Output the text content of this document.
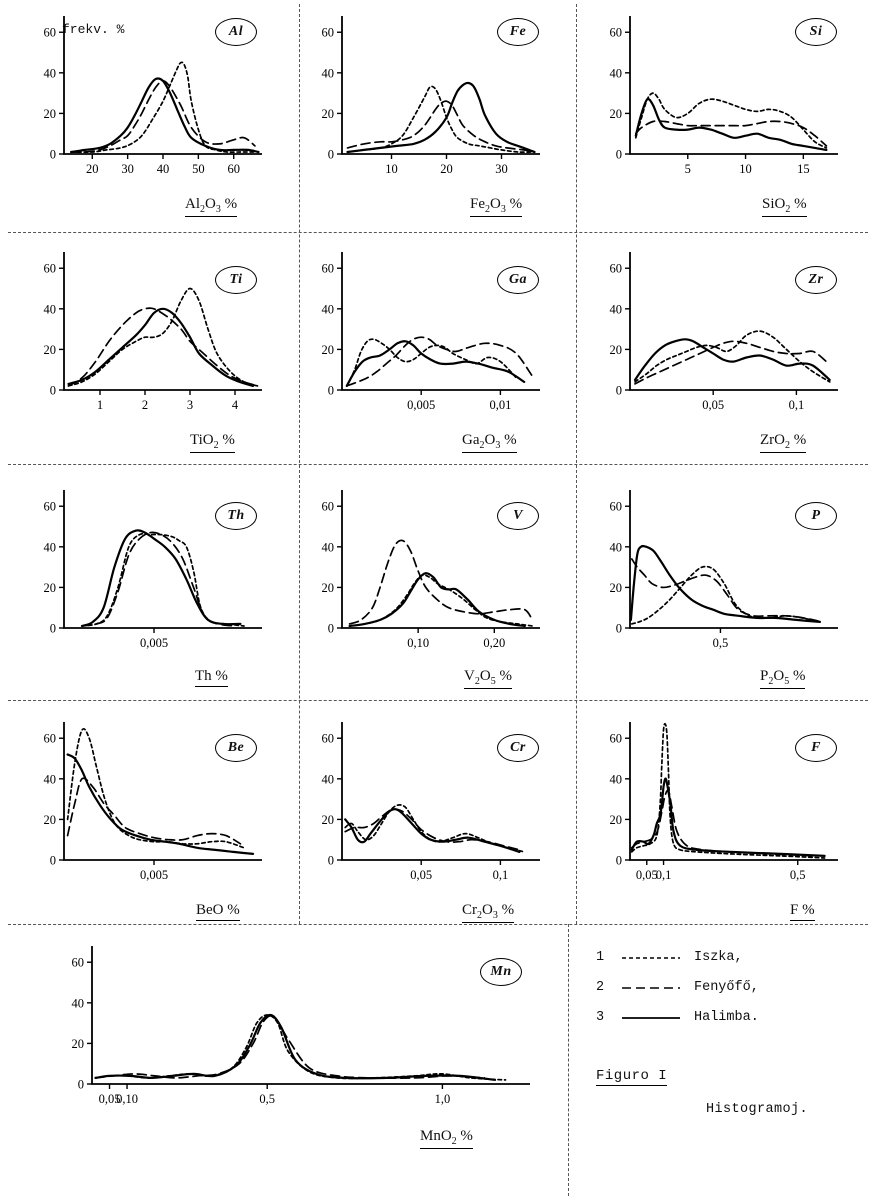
frekv. %
0
20
40
60
20 30 40 50 60
0
20
40
60
10	20	30
0
20
40
60
5	10	15
0
20
40
60
1	2	3	4
0
20
40
60
0,005	0,01
0
20
40
60
0,05	0,1
0
20
40
60
0,005
0
20
40
60
0,10	0,20
0
20
40
60
0,5
0
20
40
60
0,005
0
20
40
60
0,05	0,1
0
20
40
60
0,05
0,1	0,5
0
20
40
60
0,05
0,10	0,5	1,0
1	Iszka,
2	Fenyőfő,
3	Halimba.
Figuro I
Histogramoj.
Al
$Al_2O_3$ %
Fe
$Fe_2O_3$ %
Si
SiO$_2$ %
Ti
TiO$_2$ %
Ga
$Ga_2O_3$ %
Zr
ZrO$_2$ %
Th
Th %
V
$V_2O_5$ %
P
$P_2O_5$ %
Be
BeO %
Cr
$Cr_2O_3$ %
F
F %
Mn
MnO$_2$ %
